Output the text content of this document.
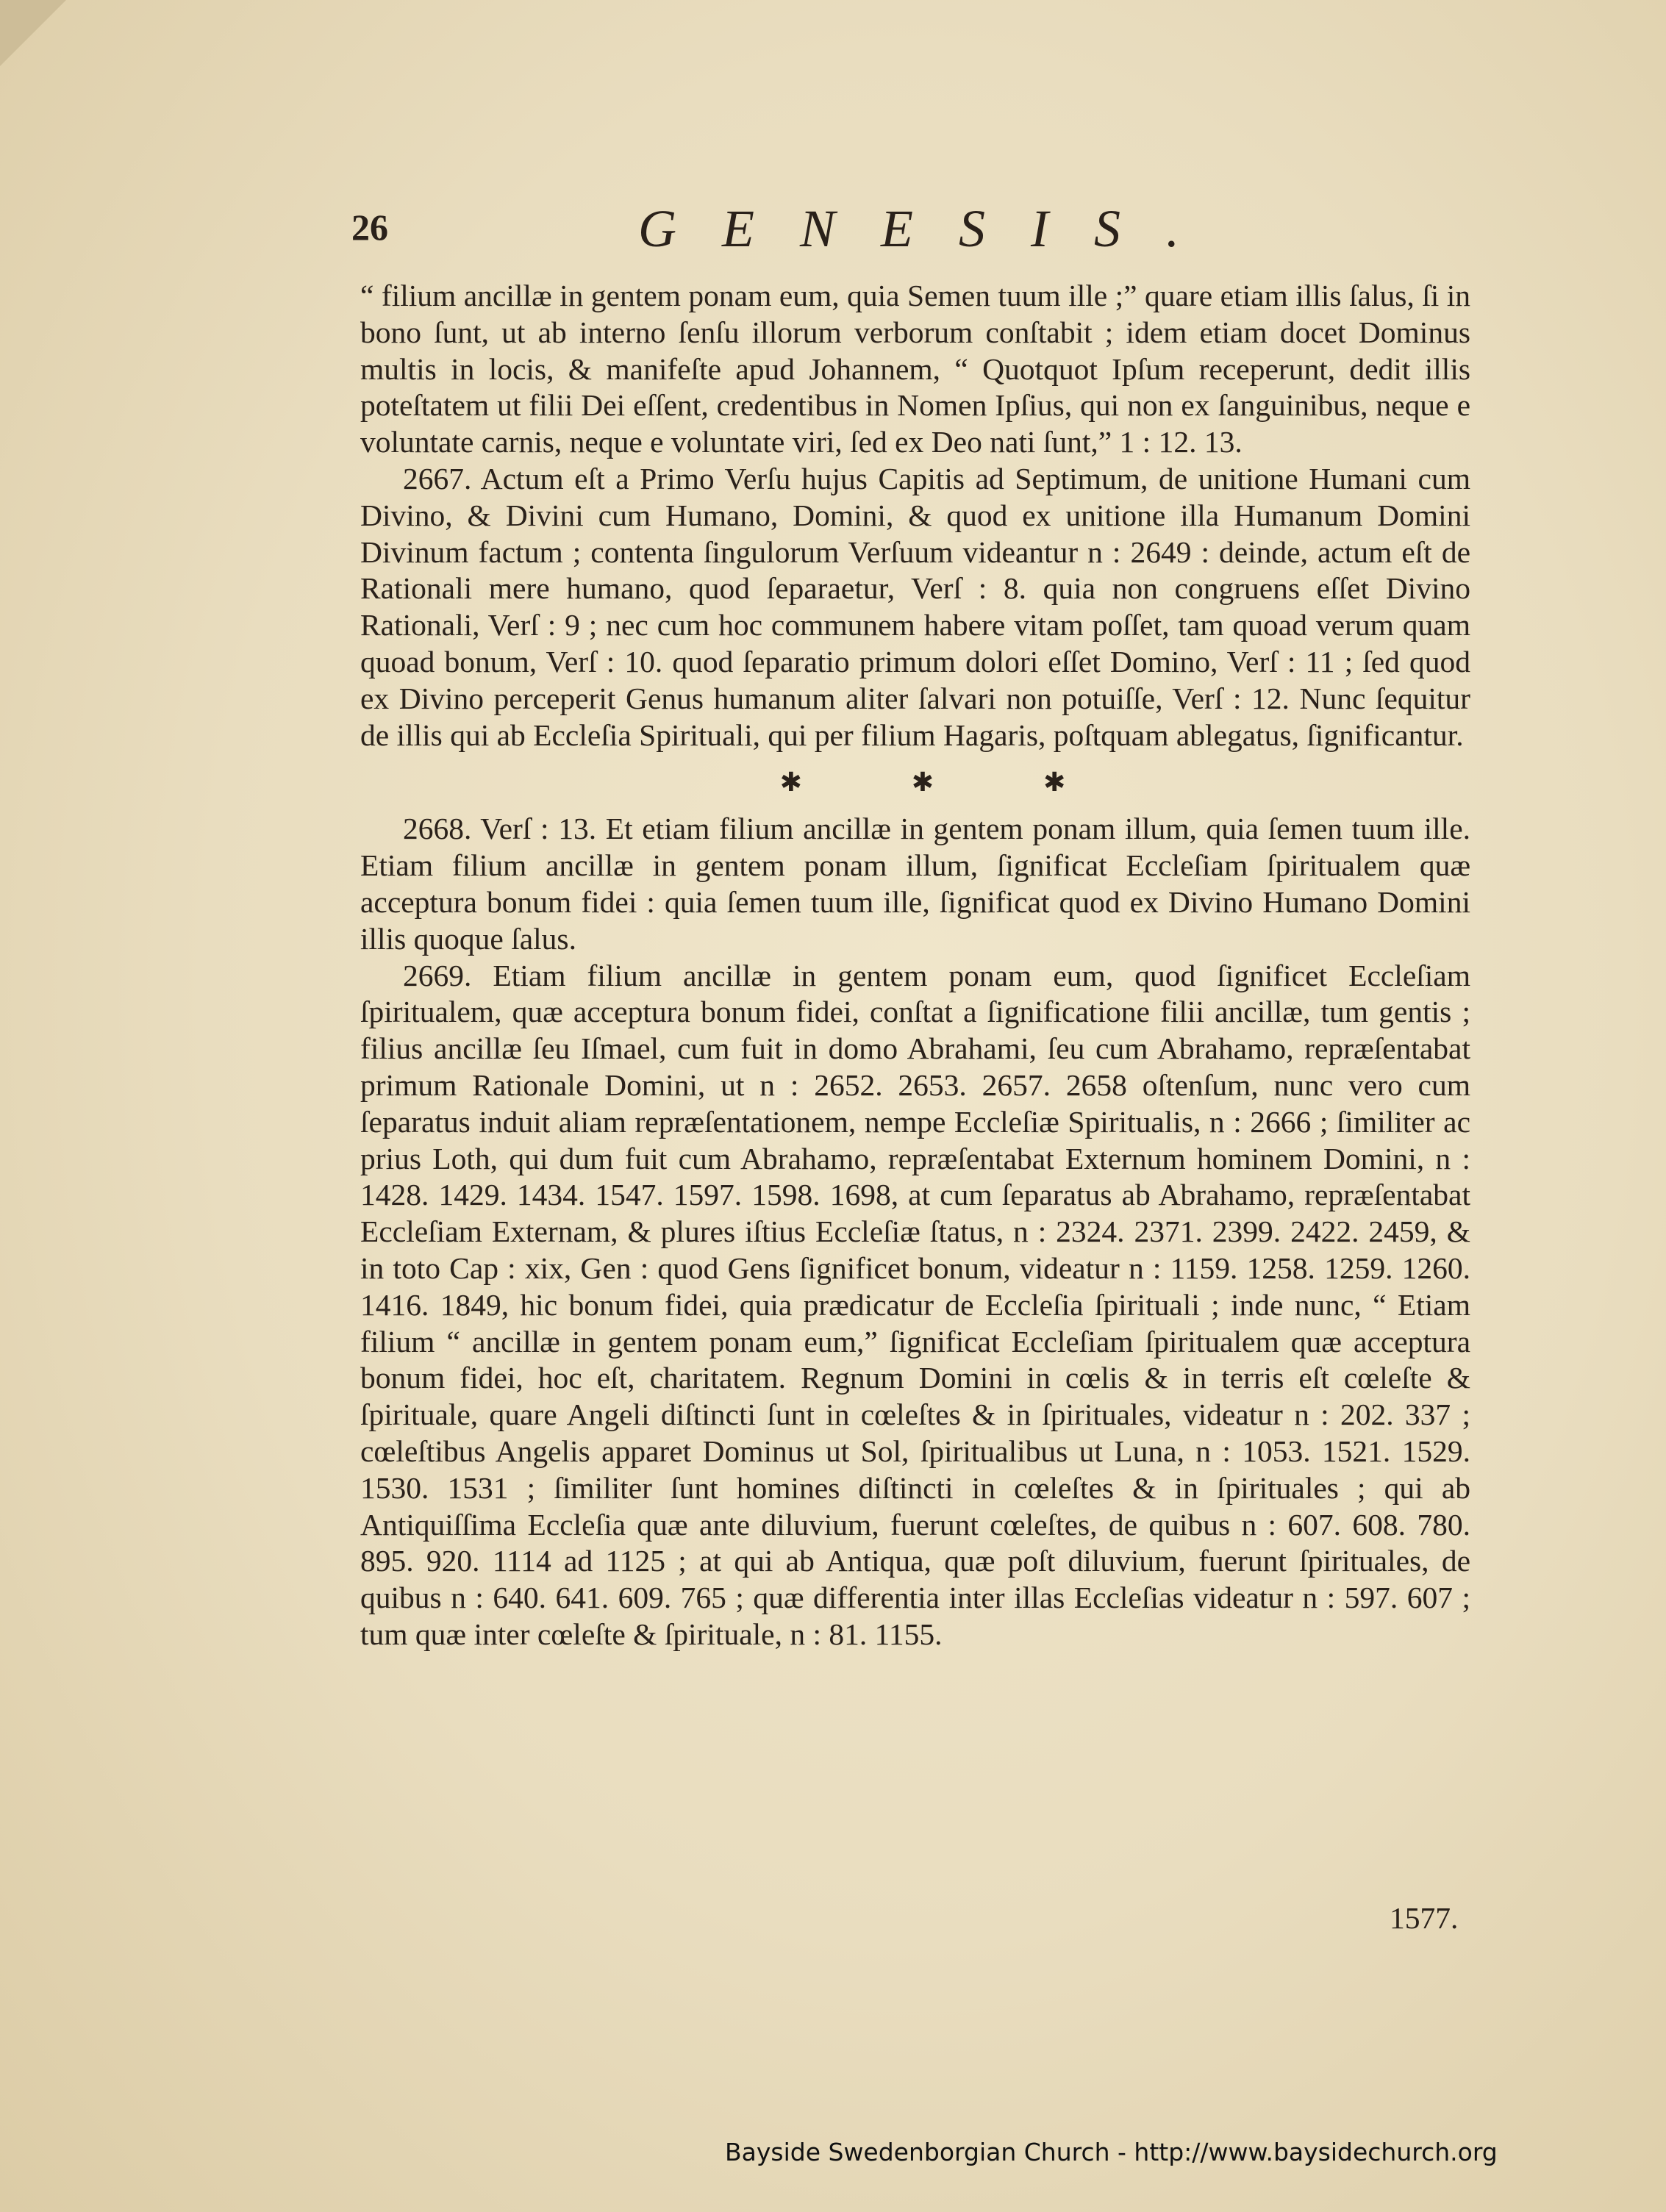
26	GENESIS.

“ filium ancillæ in gentem ponam eum, quia Semen tuum ille ;” quare etiam illis ſalus, ſi in bono ſunt, ut ab interno ſenſu illorum verborum conſtabit ; idem etiam docet Dominus multis in locis, & manifeſte apud Johannem, “ Quotquot Ipſum receperunt, dedit illis poteſtatem ut filii Dei eſſent, credentibus in Nomen Ipſius, qui non ex ſanguinibus, neque e voluntate carnis, neque e voluntate viri, ſed ex Deo nati ſunt,” 1 : 12. 13.

2667. Actum eſt a Primo Verſu hujus Capitis ad Septimum, de unitione Humani cum Divino, & Divini cum Humano, Domini, & quod ex unitione illa Humanum Domini Divinum factum ; contenta ſingulorum Verſuum videantur n : 2649 : deinde, actum eſt de Rationali mere humano, quod ſeparaetur, Verſ : 8. quia non congruens eſſet Divino Rationali, Verſ : 9 ; nec cum hoc communem habere vitam poſſet, tam quoad verum quam quoad bonum, Verſ : 10. quod ſeparatio primum dolori eſſet Domino, Verſ : 11 ; ſed quod ex Divino perceperit Genus humanum aliter ſalvari non potuiſſe, Verſ : 12. Nunc ſequitur de illis qui ab Eccleſia Spirituali, qui per filium Hagaris, poſtquam ablegatus, ſignificantur.

✱	✱	✱

2668. Verſ : 13. Et etiam filium ancillæ in gentem ponam illum, quia ſemen tuum ille. Etiam filium ancillæ in gentem ponam illum, ſignificat Eccleſiam ſpiritualem quæ acceptura bonum fidei : quia ſemen tuum ille, ſignificat quod ex Divino Humano Domini illis quoque ſalus.

2669. Etiam filium ancillæ in gentem ponam eum, quod ſignificet Eccleſiam ſpiritualem, quæ acceptura bonum fidei, conſtat a ſignificatione filii ancillæ, tum gentis ; filius ancillæ ſeu Iſmael, cum fuit in domo Abrahami, ſeu cum Abrahamo, repræſentabat primum Rationale Domini, ut n : 2652. 2653. 2657. 2658 oſtenſum, nunc vero cum ſeparatus induit aliam repræſentationem, nempe Eccleſiæ Spiritualis, n : 2666 ; ſimiliter ac prius Loth, qui dum fuit cum Abrahamo, repræſentabat Externum hominem Domini, n : 1428. 1429. 1434. 1547. 1597. 1598. 1698, at cum ſeparatus ab Abrahamo, repræſentabat Eccleſiam Externam, & plures iſtius Eccleſiæ ſtatus, n : 2324. 2371. 2399. 2422. 2459, & in toto Cap : xix, Gen : quod Gens ſignificet bonum, videatur n : 1159. 1258. 1259. 1260. 1416. 1849, hic bonum fidei, quia prædicatur de Eccleſia ſpirituali ; inde nunc, “ Etiam filium “ ancillæ in gentem ponam eum,” ſignificat Eccleſiam ſpiritualem quæ acceptura bonum fidei, hoc eſt, charitatem. Regnum Domini in cœlis & in terris eſt cœleſte & ſpirituale, quare Angeli diſtincti ſunt in cœleſtes & in ſpirituales, videatur n : 202. 337 ; cœleſtibus Angelis apparet Dominus ut Sol, ſpiritualibus ut Luna, n : 1053. 1521. 1529. 1530. 1531 ; ſimiliter ſunt homines diſtincti in cœleſtes & in ſpirituales ; qui ab Antiquiſſima Eccleſia quæ ante diluvium, fuerunt cœleſtes, de quibus n : 607. 608. 780. 895. 920. 1114 ad 1125 ; at qui ab Antiqua, quæ poſt diluvium, fuerunt ſpirituales, de quibus n : 640. 641. 609. 765 ; quæ differentia inter illas Eccleſias videatur n : 597. 607 ; tum quæ inter cœleſte & ſpirituale, n : 81. 1155.

1577.
Bayside Swedenborgian Church - http://www.baysidechurch.org
